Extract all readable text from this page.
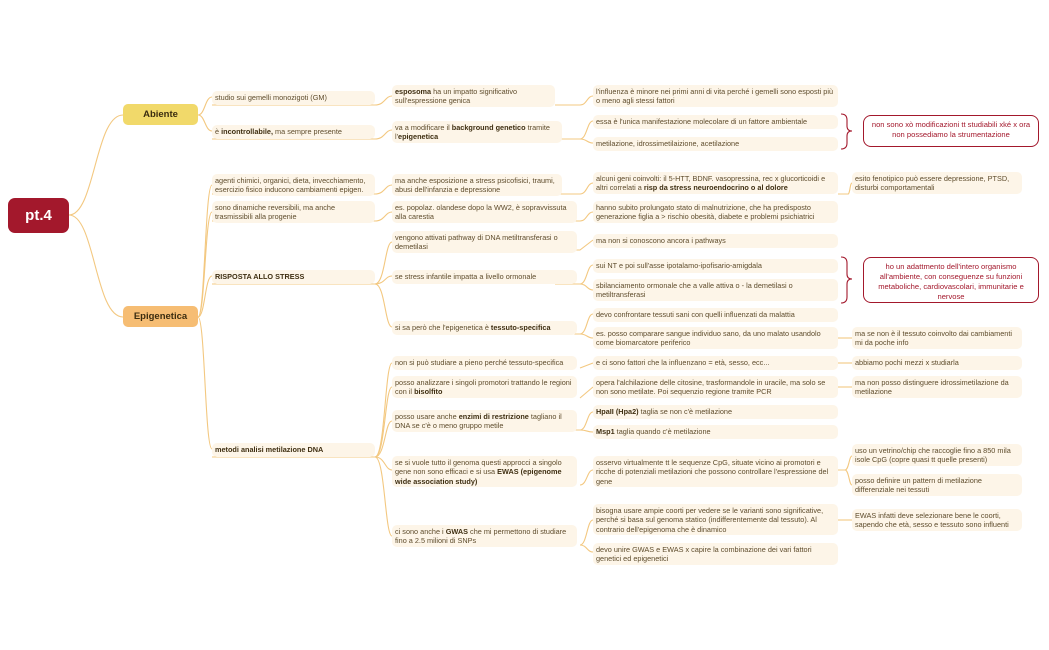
pt.4
Abiente
Epigenetica
studio sui gemelli monozigoti (GM)
esposoma ha un impatto significativo sull'espressione genica
l'influenza è minore nei primi anni di vita perché i gemelli sono esposti più o meno agli stessi fattori
è incontrollabile, ma sempre presente	va a modificare il background genetico tramite l'epigenetica
essa è l'unica manifestazione molecolare di un fattore ambientale
metilazione, idrossimetilaizione, acetilazione
non sono xò modificazioni tt studiabili xké x ora non possediamo la strumentazione
agenti chimici, organici, dieta, invecchiamento, esercizio fisico inducono cambiamenti epigen.
ma anche esposizione a stress psicofisici, traumi, abusi dell'infanzia e depressione
alcuni geni coinvolti: il 5-HTT, BDNF. vasopressina, rec x glucorticoidi e altri correlati a risp da stress neuroendocrino o al dolore
esito fenotipico può essere depressione, PTSD, disturbi comportamentali
sono dinamiche reversibili, ma anche trasmissibili alla progenie
es. popolaz. olandese dopo la WW2, è sopravvissuta alla carestia
hanno subito prolungato stato di malnutrizione, che ha predisposto generazione figlia a > rischio obesità, diabete e problemi psichiatrici
RISPOSTA ALLO STRESS
vengono attivati pathway di DNA metiltransferasi o demetilasi
ma non si conoscono ancora i pathways
se stress infantile impatta a livello ormonale
sui NT e poi sull'asse ipotalamo-ipofisario-amigdala
sbilanciamento ormonale che a valle attiva o - la demetilasi o metiltransferasi
ho un adattmento dell'intero organismo all'ambiente, con conseguenze su funzioni metaboliche, cardiovascolari, immunitarie e nervose
si sa però che l'epigenetica è tessuto-specifica
devo confrontare tessuti sani con quelli influenzati da malattia
es. posso comparare sangue individuo sano, da uno malato usandolo come biomarcatore periferico
ma se non è il tessuto coinvolto dai cambiamenti mi da poche info
metodi analisi metilazione DNA
non si può studiare a pieno perché tessuto-specifica	e ci sono fattori che la influenzano = età, sesso, ecc...	abbiamo pochi mezzi x studiarla
posso analizzare i singoli promotori trattando le regioni con il bisolfito
opera l'alchilazione delle citosine, trasformandole in uracile, ma solo se non sono metilate. Poi sequenzio regione tramite PCR
ma non posso distinguere idrossimetilazione da metilazione
posso usare anche enzimi di restrizione tagliano il DNA se c'è o meno gruppo metile
HpaII (Hpa2) taglia se non c'è metilazione
Msp1 taglia quando c'è metilazione
se si vuole tutto il genoma questi approcci a singolo gene non sono efficaci e si usa EWAS (epigenome wide association study)
osservo virtualmente tt le sequenze CpG, situate vicino ai promotori e ricche di potenziali metilazioni che possono controllare l'espressione del gene
uso un vetrino/chip che raccoglie fino a 850 mila isole CpG (copre quasi tt quelle presenti)
posso definire un pattern di metilazione differenziale nei tessuti
ci sono anche i GWAS che mi permettono di studiare fino a 2.5 milioni di SNPs
bisogna usare ampie coorti per vedere se le varianti sono significative, perché si basa sul genoma statico (indifferentemente dal tessuto). Al contrario dell'epigenoma che è dinamico
EWAS infatti deve selezionare bene le coorti, sapendo che età, sesso e tessuto sono influenti
devo unire GWAS e EWAS x capire la combinazione dei vari fattori genetici ed epigenetici
